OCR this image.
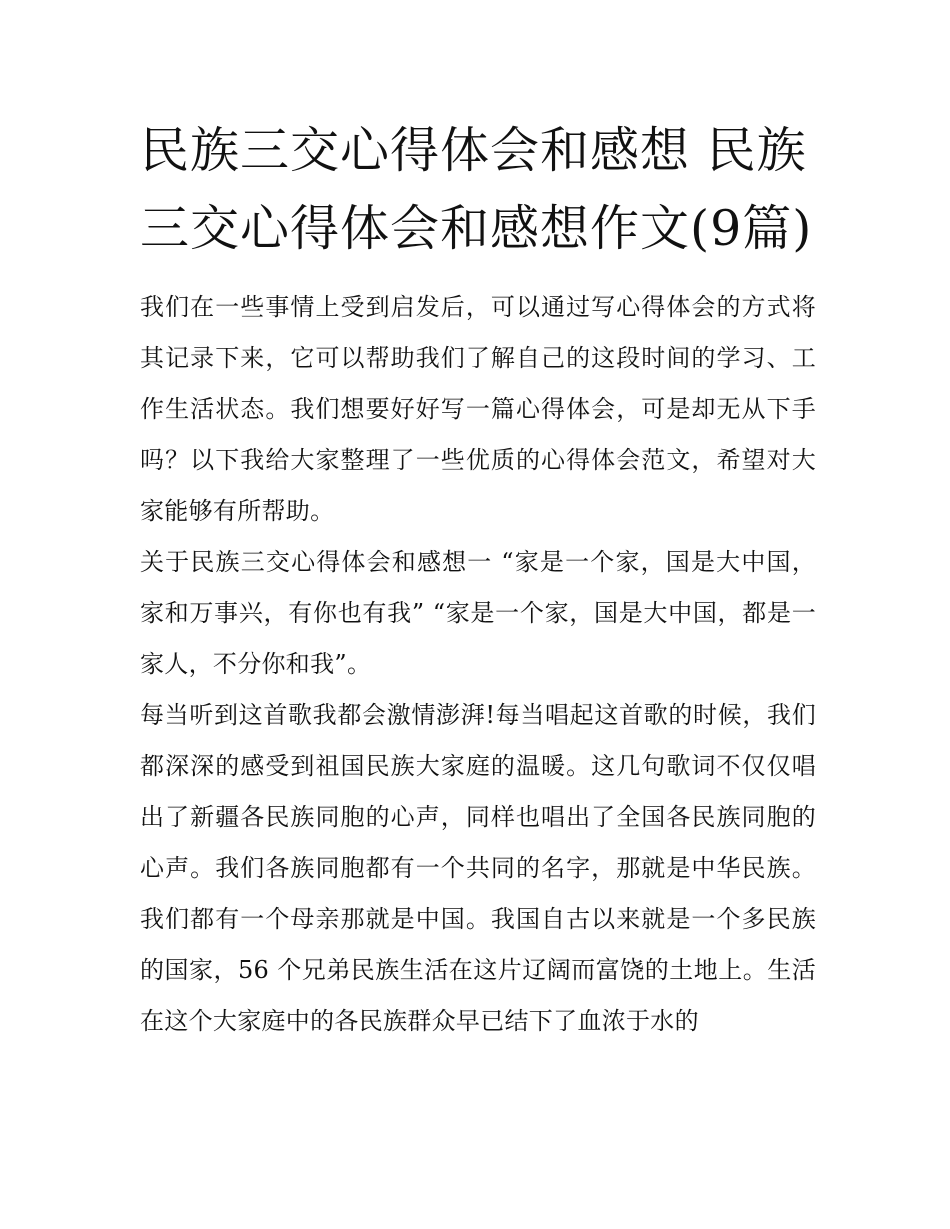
民族三交心得体会和感想 民族三交心得体会和感想作文(9篇)

我们在一些事情上受到启发后，可以通过写心得体会的方式将其记录下来，它可以帮助我们了解自己的这段时间的学习、工作生活状态。我们想要好好写一篇心得体会，可是却无从下手吗？以下我给大家整理了一些优质的心得体会范文，希望对大家能够有所帮助。

关于民族三交心得体会和感想一 “家是一个家，国是大中国，家和万事兴，有你也有我” “家是一个家，国是大中国，都是一家人，不分你和我”。

每当听到这首歌我都会激情澎湃!每当唱起这首歌的时候，我们都深深的感受到祖国民族大家庭的温暖。这几句歌词不仅仅唱出了新疆各民族同胞的心声，同样也唱出了全国各民族同胞的心声。我们各族同胞都有一个共同的名字，那就是中华民族。我们都有一个母亲那就是中国。我国自古以来就是一个多民族的国家，56 个兄弟民族生活在这片辽阔而富饶的土地上。生活在这个大家庭中的各民族群众早已结下了血浓于水的
